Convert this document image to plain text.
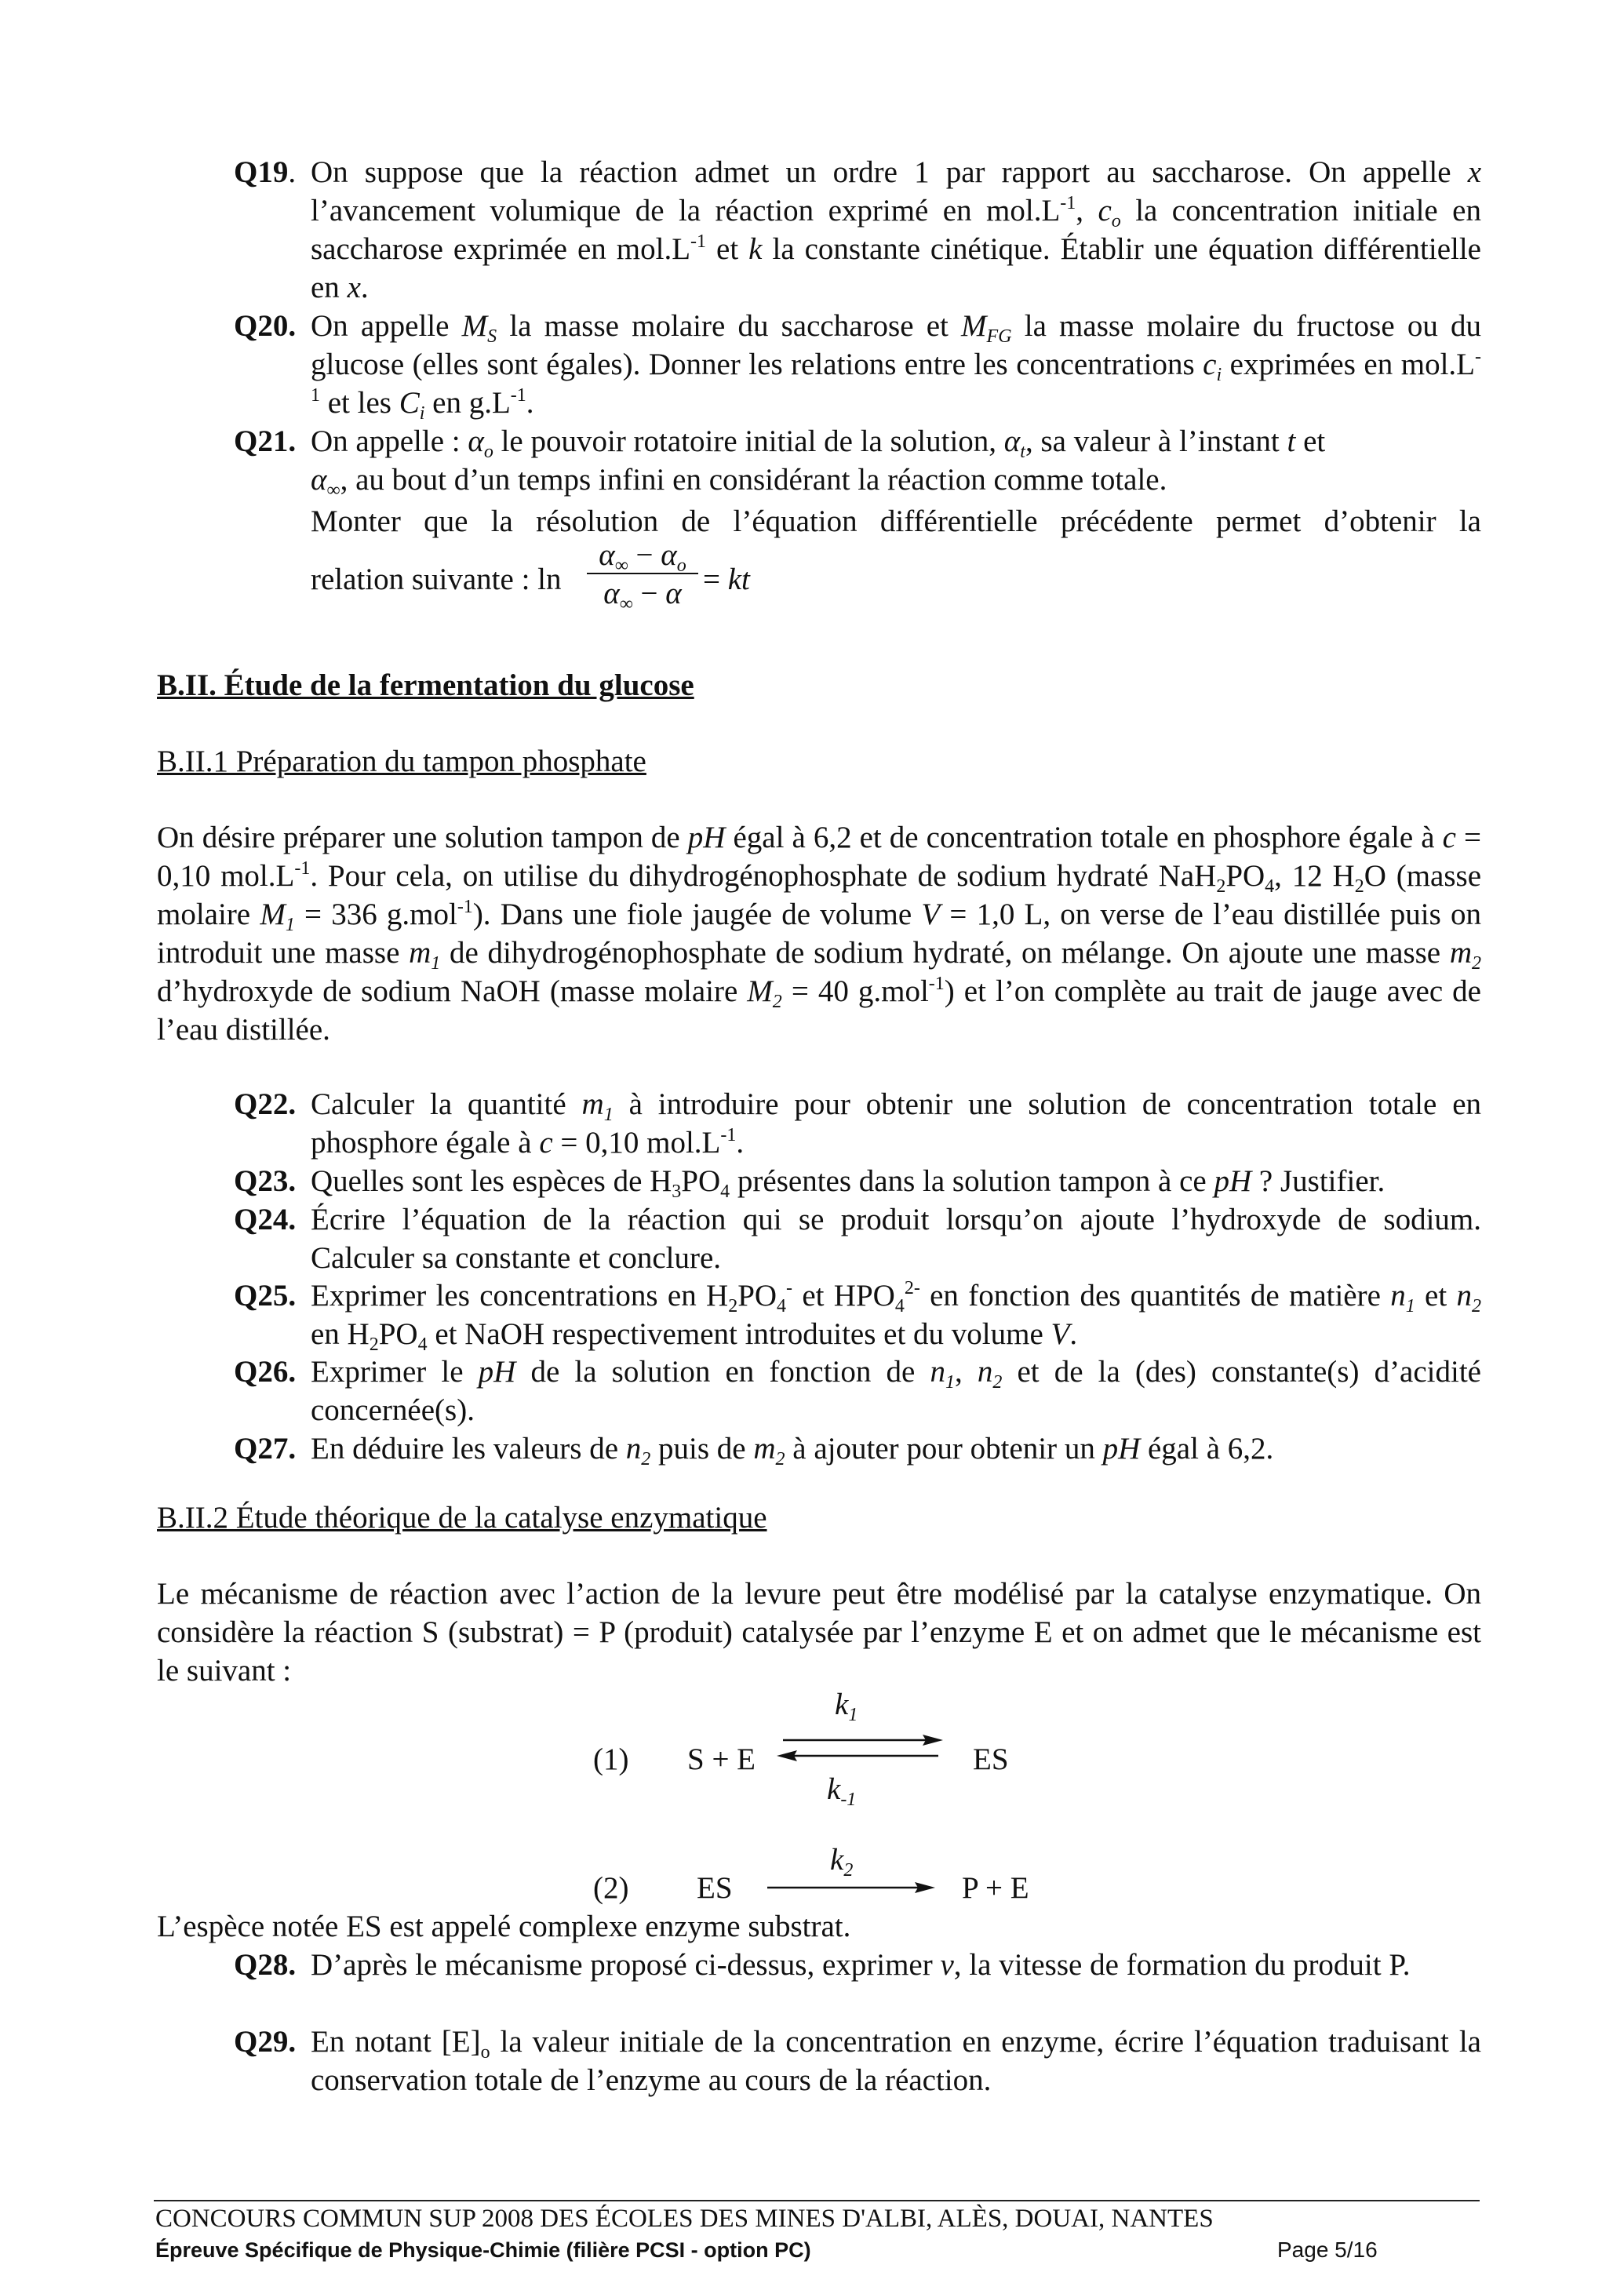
Q19. On suppose que la réaction admet un ordre 1 par rapport au saccharose. On appelle x l’avancement volumique de la réaction exprimé en $mol.L^{-1}$, $c_o$ la concentration initiale en saccharose exprimée en $mol.L^{-1}$ et k la constante cinétique. Établir une équation différentielle en x.
Q20. On appelle $M_S$ la masse molaire du saccharose et $M_{FG}$ la masse molaire du fructose ou du glucose (elles sont égales). Donner les relations entre les concentrations $c_i$ exprimées en $mol.L^{-1}$ et les $C_i$ en $g.L^{-1}$.
Q21. On appelle : $\alpha_o$ le pouvoir rotatoire initial de la solution, $\alpha_t$, sa valeur à l’instant t et
$\alpha_\infty$, au bout d’un temps infini en considérant la réaction comme totale.
Monter que la résolution de l’équation différentielle précédente permet d’obtenir la
relation suivante : $\ln \frac{\alpha_\infty - \alpha_o}{\alpha_\infty - \alpha}$ = kt
B.II. Étude de la fermentation du glucose
B.II.1 Préparation du tampon phosphate
On désire préparer une solution tampon de pH égal à 6,2 et de concentration totale en phosphore égale à c = 0,10 $mol.L^{-1}$. Pour cela, on utilise du dihydrogénophosphate de sodium hydraté $NaH_2PO_4$, 12 $H_2O$ (masse molaire $M_1 = 336$ g.mol$^{-1}$). Dans une fiole jaugée de volume V = 1,0 L, on verse de l’eau distillée puis on introduit une masse $m_1$ de dihydrogénophosphate de sodium hydraté, on mélange. On ajoute une masse $m_2$ d’hydroxyde de sodium NaOH (masse molaire $M_2 = 40$ g.mol$^{-1}$) et l’on complète au trait de jauge avec de l’eau distillée.
Q22. Calculer la quantité $m_1$ à introduire pour obtenir une solution de concentration totale en phosphore égale à c = 0,10 $mol.L^{-1}$.
Q23. Quelles sont les espèces de $H_3PO_4$ présentes dans la solution tampon à ce pH ? Justifier.
Q24. Écrire l’équation de la réaction qui se produit lorsqu’on ajoute l’hydroxyde de sodium. Calculer sa constante et conclure.
Q25. Exprimer les concentrations en $H_2PO_4^-$ et $HPO_4^{2-}$ en fonction des quantités de matière $n_1$ et $n_2$ en $H_2PO_4$ et NaOH respectivement introduites et du volume V.
Q26. Exprimer le pH de la solution en fonction de $n_1$, $n_2$ et de la (des) constante(s) d’acidité concernée(s).
Q27. En déduire les valeurs de $n_2$ puis de $m_2$ à ajouter pour obtenir un pH égal à 6,2.
B.II.2 Étude théorique de la catalyse enzymatique
Le mécanisme de réaction avec l’action de la levure peut être modélisé par la catalyse enzymatique. On considère la réaction S (substrat) = P (produit) catalysée par l’enzyme E et on admet que le mécanisme est le suivant :
(1) S + E	ES
$k_1$
$k_{-1}$
(2) ES	P + E
$k_2$
L’espèce notée ES est appelé complexe enzyme substrat.
Q28. D’après le mécanisme proposé ci-dessus, exprimer v, la vitesse de formation du produit P.
Q29. En notant $[E]_o$ la valeur initiale de la concentration en enzyme, écrire l’équation traduisant la conservation totale de l’enzyme au cours de la réaction.
CONCOURS COMMUN SUP 2008 DES ÉCOLES DES MINES D'ALBI, ALÈS, DOUAI, NANTES
Épreuve Spécifique de Physique-Chimie (filière PCSI - option PC)	Page 5/16
